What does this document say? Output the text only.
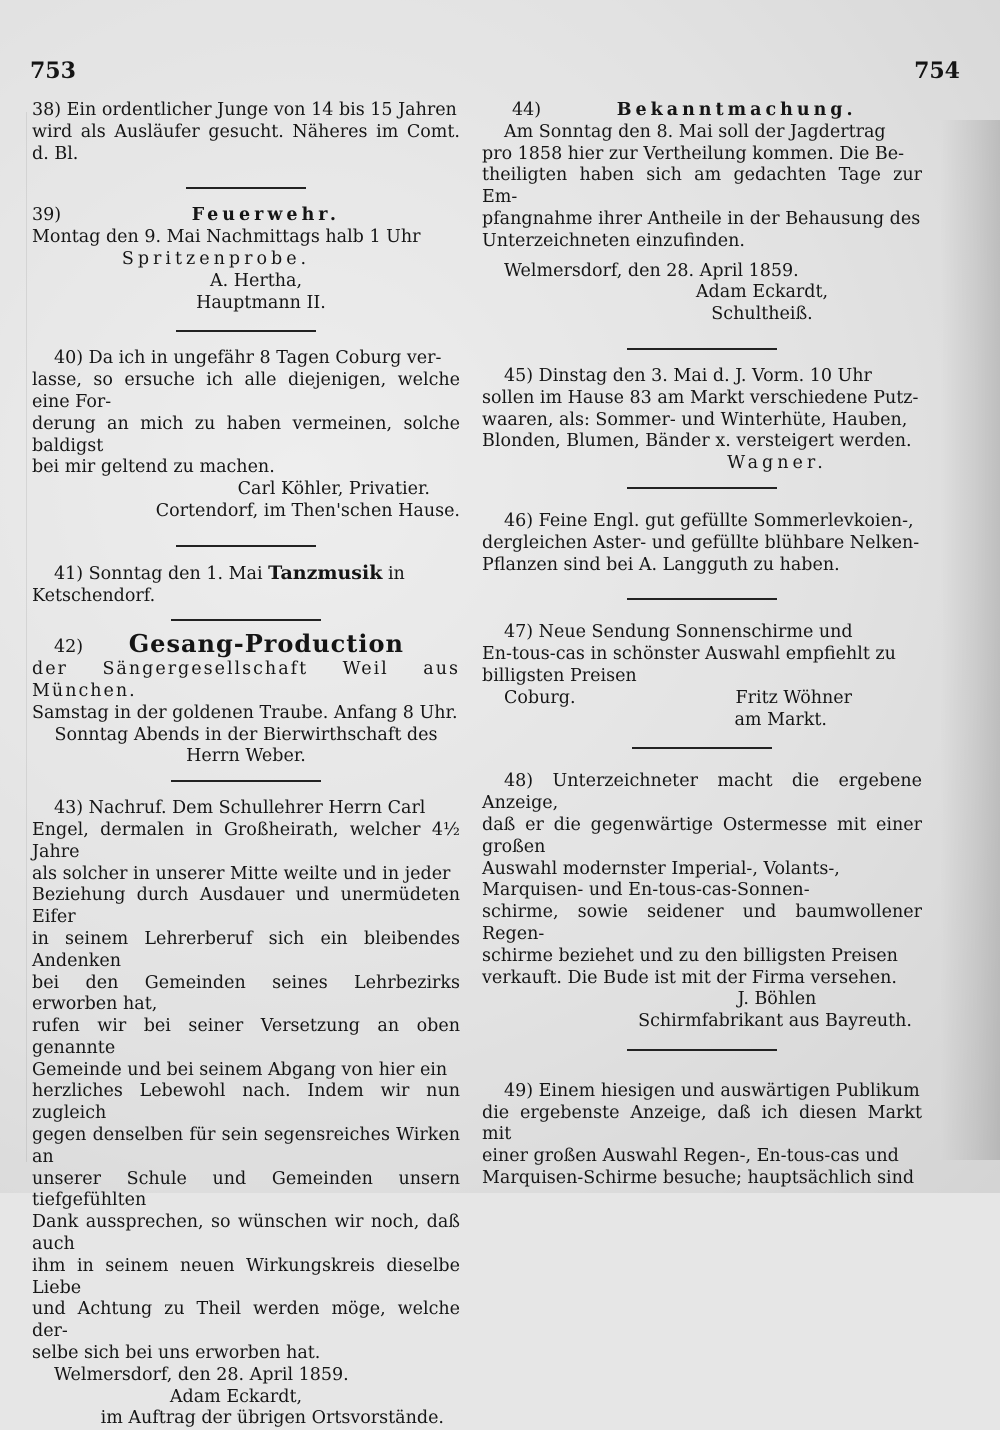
753	754

38) Ein ordentlicher Junge von 14 bis 15 Jahren

wird als Ausläufer gesucht. Näheres im Comt. d. Bl.

39)	Feuerwehr.

Montag den 9. Mai Nachmittags halb 1 Uhr

Spritzenprobe.

A. Hertha,

Hauptmann II.

40) Da ich in ungefähr 8 Tagen Coburg ver-

lasse, so ersuche ich alle diejenigen, welche eine For-

derung an mich zu haben vermeinen, solche baldigst

bei mir geltend zu machen.

Carl Köhler, Privatier.

Cortendorf, im Then'schen Hause.

41) Sonntag den 1. Mai Tanzmusik in

Ketschendorf.

42) Gesang-Production

der Sängergesellschaft Weil aus München.

Samstag in der goldenen Traube. Anfang 8 Uhr.

Sonntag Abends in der Bierwirthschaft des

Herrn Weber.

43) Nachruf. Dem Schullehrer Herrn Carl

Engel, dermalen in Großheirath, welcher 4½ Jahre

als solcher in unserer Mitte weilte und in jeder

Beziehung durch Ausdauer und unermüdeten Eifer

in seinem Lehrerberuf sich ein bleibendes Andenken

bei den Gemeinden seines Lehrbezirks erworben hat,

rufen wir bei seiner Versetzung an oben genannte

Gemeinde und bei seinem Abgang von hier ein

herzliches Lebewohl nach. Indem wir nun zugleich

gegen denselben für sein segensreiches Wirken an

unserer Schule und Gemeinden unsern tiefgefühlten

Dank aussprechen, so wünschen wir noch, daß auch

ihm in seinem neuen Wirkungskreis dieselbe Liebe

und Achtung zu Theil werden möge, welche der-

selbe sich bei uns erworben hat.

Welmersdorf, den 28. April 1859.

Adam Eckardt,

im Auftrag der übrigen Ortsvorstände.

44)	Bekanntmachung.

Am Sonntag den 8. Mai soll der Jagdertrag

pro 1858 hier zur Vertheilung kommen. Die Be-

theiligten haben sich am gedachten Tage zur Em-

pfangnahme ihrer Antheile in der Behausung des

Unterzeichneten einzufinden.

Welmersdorf, den 28. April 1859.

Adam Eckardt,

Schultheiß.

45) Dinstag den 3. Mai d. J. Vorm. 10 Uhr

sollen im Hause 83 am Markt verschiedene Putz-

waaren, als: Sommer- und Winterhüte, Hauben,

Blonden, Blumen, Bänder x. versteigert werden.

Wagner.

46) Feine Engl. gut gefüllte Sommerlevkoien-,

dergleichen Aster- und gefüllte blühbare Nelken-

Pflanzen sind bei A. Langguth zu haben.

47) Neue Sendung Sonnenschirme und

En-tous-cas in schönster Auswahl empfiehlt zu

billigsten Preisen

Coburg.	Fritz Wöhner

am Markt.

48) Unterzeichneter macht die ergebene Anzeige,

daß er die gegenwärtige Ostermesse mit einer großen

Auswahl modernster Imperial-, Volants-,

Marquisen- und En-tous-cas-Sonnen-

schirme, sowie seidener und baumwollener Regen-

schirme beziehet und zu den billigsten Preisen

verkauft. Die Bude ist mit der Firma versehen.

J. Böhlen

Schirmfabrikant aus Bayreuth.

49) Einem hiesigen und auswärtigen Publikum

die ergebenste Anzeige, daß ich diesen Markt mit

einer großen Auswahl Regen-, En-tous-cas und

Marquisen-Schirme besuche; hauptsächlich sind
